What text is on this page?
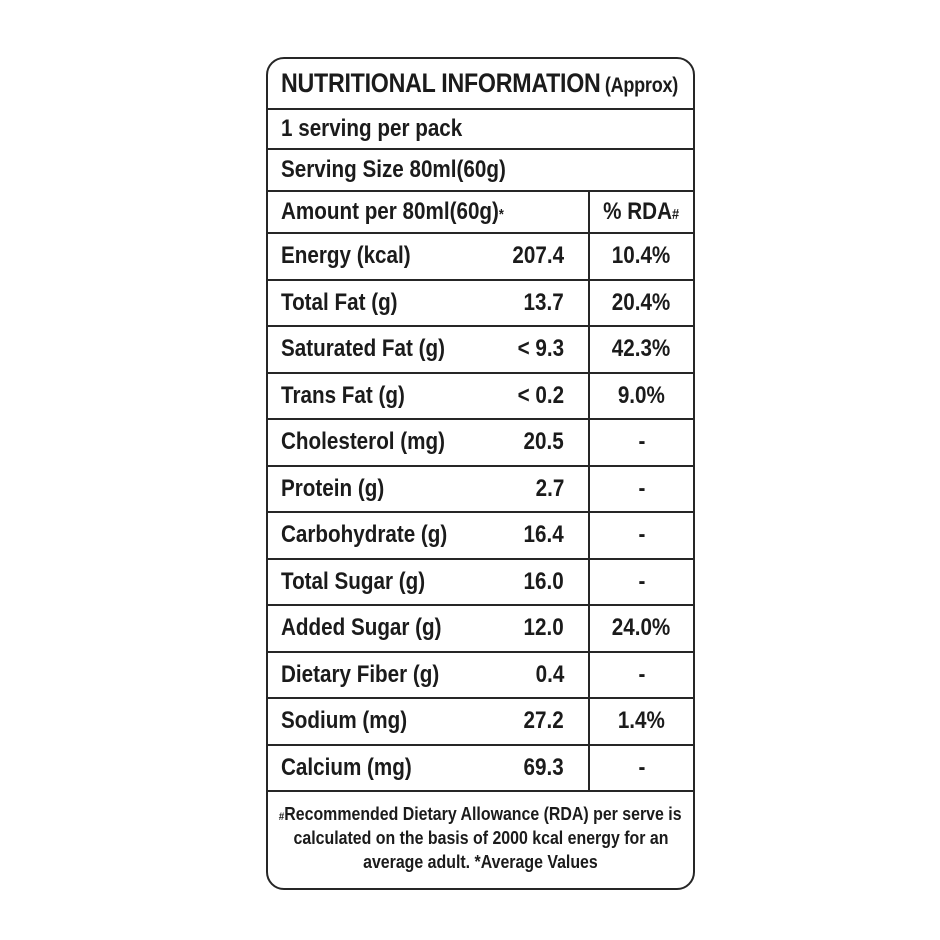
NUTRITIONAL INFORMATION (Approx)
1 serving per pack
Serving Size 80ml(60g)
Amount per 80ml(60g) *	% RDA #
Energy (kcal)	207.4 10.4%
Total Fat (g)	13.7 20.4%
Saturated Fat (g)	< 9.3 42.3%
Trans Fat (g)	< 0.2 9.0%
Cholesterol (mg)	20.5	-
Protein (g)	2.7	-
Carbohydrate (g)	16.4	-
Total Sugar (g)	16.0	-
Added Sugar (g)	12.0 24.0%
Dietary Fiber (g)	0.4	-
Sodium (mg)	27.2 1.4%
Calcium (mg)	69.3	-
# Recommended Dietary Allowance (RDA) per serve is
calculated on the basis of 2000 kcal energy for an
average adult. *Average Values
